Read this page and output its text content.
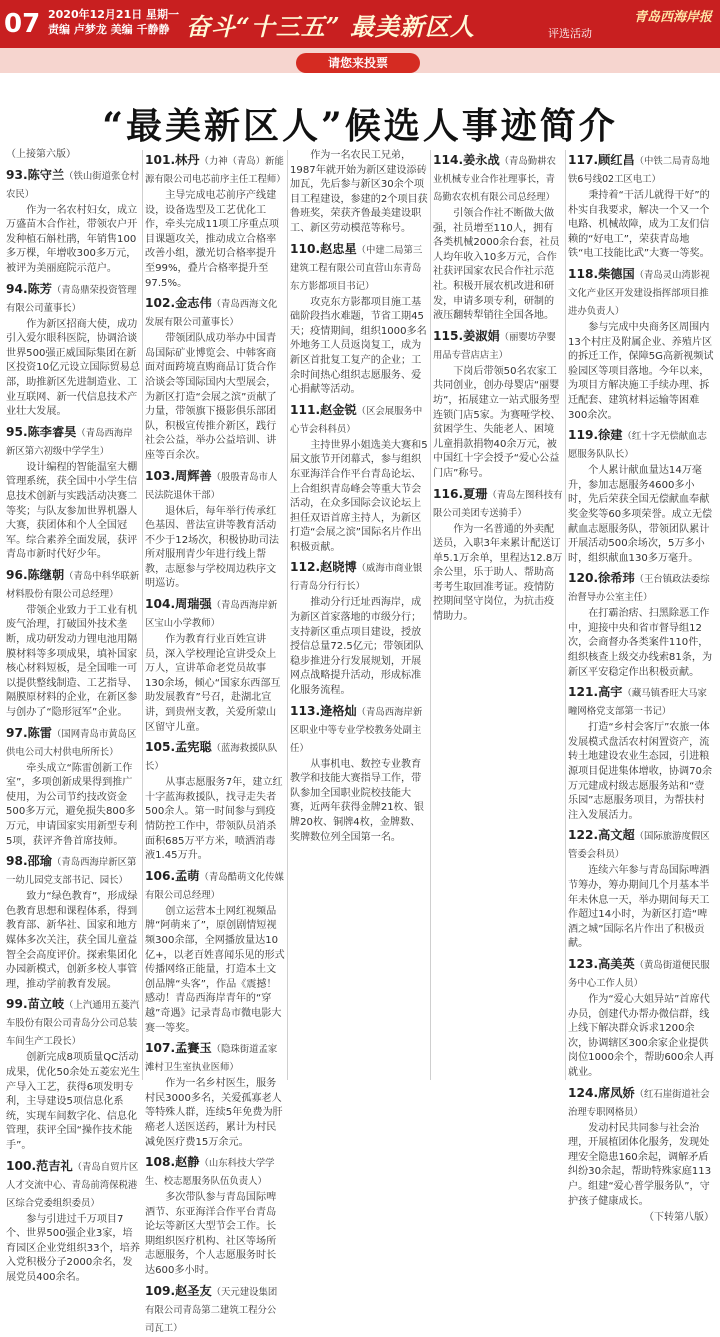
07 2020年12月21日 星期一
责编 卢梦龙 美编 千静静 奋斗“十三五” 最美新区人	评选活动
青岛西海岸报
请您来投票
“最美新区人”候选人事迹简介
（上接第六版）
93.陈守兰（铁山街道张仓村农民）

作为一名农村妇女，成立万盛苗木合作社，带领农户开发种植石斛杜鹃，年销售100多万棵，年增收300多万元，被评为美丽庭院示范户。

94.陈芳（青岛鼎荣投资管理有限公司董事长）

作为新区招商大使，成功引入爱尔眼科医院，协调洽谈世界500强正威国际集团在新区投资10亿元设立国际贸易总部，助推新区先进制造业、工业互联网、新一代信息技术产业壮大发展。

95.陈李睿昊（青岛西海岸新区第六初级中学学生）

设计编程的智能温室大棚管理系统，获全国中小学生信息技术创新与实践活动决赛二等奖；与队友参加世界机器人大赛，获团体和个人全国冠军。综合素养全面发展，获评青岛市新时代好少年。

96.陈继朝（青岛中科华联新材料股份有限公司总经理）

带领企业致力于工业有机废气治理，打破国外技术垄断，成功研发动力锂电池用隔膜材料等多项成果，填补国家核心材料短板，是全国唯一可以提供整线制造、工艺指导、隔膜原材料的企业，在新区参与创办了“隐形冠军”企业。

97.陈雷（国网青岛市黄岛区供电公司大村供电所所长）

牵头成立“陈雷创新工作室”，多项创新成果得到推广使用，为公司节约技改资金500多万元，避免损失800多万元，申请国家实用新型专利5项，获评齐鲁首席技师。

98.邵瑜（青岛西海岸新区第一幼儿园党支部书记、园长）

致力“绿色教育”，形成绿色教育思想和课程体系，得到教育部、新华社、国家和地方媒体多次关注，获全国儿童益智全会高度评价。探索集团化办园新模式，创新多校人事管理，推动学前教育发展。

99.苗立岐（上汽通用五菱汽车股份有限公司青岛分公司总装车间生产工段长）

创新完成8项质量QC活动成果，优化50余处五菱宏光生产导入工艺，获得6项发明专利，主导建设5项信息化系统，实现车间数字化、信息化管理，获评全国“操作技术能手”。

100.范吉礼（青岛自贸片区人才交流中心、青岛前湾保税港区综合党委组织委员）

参与引进过千万项目7个、世界500强企业3家，培育园区企业党组织33个，培养入党积极分子2000余名，发展党员400余名。

101.林丹（力神（青岛）新能源有限公司电芯前序主任工程师）

主导完成电芯前序产线建设，设备选型及工艺优化工作，牵头完成11项工序重点项目课题攻关，推动成立合格率改善小组，激光切合格率提升至99%，叠片合格率提升至97.5%。

102.金志伟（青岛西海文化发展有限公司董事长）

带领团队成功举办中国青岛国际矿业博览会、中韩客商面对面跨境直购商品订货合作洽谈会等国际国内大型展会，为新区打造“会展之滨”贡献了力量，带领旗下摄影俱乐部团队，积极宣传推介新区，践行社会公益，举办公益培训、讲座等百余次。

103.周辉善（殷殷青岛市人民法院退休干部）

退休后，每年举行传承红色基因、普法宣讲等教育活动不少于12场次，积极协助司法所对服刑青少年进行线上帮教，志愿参与学校周边秩序文明巡访。

104.周瑞强（青岛西海岸新区宝山小学教师）

作为教育行业百姓宣讲员，深入学校理论宣讲受众上万人，宣讲革命老党员故事130余场，倾心“国家东西部互助发展教育”号召，赴湖北宣讲，到贵州支教，关爱所蒙山区留守儿童。

105.孟宪聪（蓝海救援队队长）

从事志愿服务7年，建立红十字蓝海救援队，找寻走失者500余人。第一时间参与到疫情防控工作中，带领队员消杀面积685万平方米，喷洒消毒液1.45万升。

106.孟萌（青岛酷萌文化传媒有限公司总经理）

创立运营本土网红视频品牌“阿萌来了”，原创剧情短视频300余部，全网播放量达10亿+，以老百姓喜闻乐见的形式传播网络正能量，打造本土文创品牌“头客”，作品《震撼！感动！青岛西海岸青年的“穿越”奇遇》记录青岛市微电影大赛一等奖。

107.孟賽玉（隐珠街道孟家滩村卫生室执业医师）

作为一名乡村医生，服务村民3000多名，关爱孤寡老人等特殊人群，连续5年免费为肝癌老人送医送药，累计为村民减免医疗费15万余元。

108.赵静（山东科技大学学生、校志愿服务队伍负责人）

多次带队参与青岛国际啤酒节、东亚海洋合作平台青岛论坛等新区大型节会工作。长期组织医疗机构、社区等场所志愿服务，个人志愿服务时长达600多小时。

109.赵圣友（天元建设集团有限公司青岛第二建筑工程分公司瓦工）

作为一名农民工兄弟，1987年就开始为新区建设添砖加瓦，先后参与新区30余个项目工程建设，参建的2个项目获鲁班奖，荣获齐鲁最美建设职工、新区劳动模范等称号。

110.赵忠星（中建二局第三建筑工程有限公司直营山东青岛东方影都项目书记）

攻克东方影都项目施工基础阶段挡水难题，节省工期45天；疫情期间，组织1000多名外地务工人员返岗复工，成为新区首批复工复产的企业；工余时间热心组织志愿服务、爱心捐献等活动。

111.赵金锐（区会展服务中心节会科科员）

主持世界小姐选美大赛和5届文旅节开闭幕式，参与组织东亚海洋合作平台青岛论坛、上合组织青岛峰会等重大节会活动，在众多国际会议论坛上担任双语首席主持人，为新区打造“会展之滨”国际名片作出积极贡献。

112.赵晓博（威海市商业银行青岛分行行长）

推动分行迁址西海岸，成为新区首家落地的市级分行；支持新区重点项目建设，授放授信总量72.5亿元；带领团队稳步推进分行发展规划，开展网点战略提升活动，形成标准化服务流程。

113.逄格灿（青岛西海岸新区职业中等专业学校教务处副主任）

从事机电、数控专业教育教学和技能大赛指导工作，带队参加全国职业院校技能大赛，近两年获得金牌21枚、银牌20枚、铜牌4枚，金牌数、奖牌数位列全国第一名。

114.姜永战（青岛勤耕农业机械专业合作社理事长，青岛勤农农机有限公司总经理）

引领合作社不断做大做强，社员增至110人，拥有各类机械2000余台套，社员人均年收入10多万元，合作社获评国家农民合作社示范社。积极开展农机改进和研发，申请多项专利，研制的液压翻转犁销往全国各地。

115.姜淑娟（丽婴坊孕婴用品专营店店主）

下岗后带领50名农家工共同创业，创办母婴店“丽婴坊”，拓展建立一站式服务型连锁门店5家。为赛哑学校、贫困学生、失能老人、困境儿童捐款捐物40余万元，被中国红十字会授予“爱心公益门店”称号。

116.夏珊（青岛左图科技有限公司美团专送骑手）

作为一名普通的外卖配送员，入职3年来累计配送订单5.1万余单，里程达12.8万余公里，乐于助人、帮助高考考生取回准考证。疫情防控期间坚守岗位，为抗击疫情助力。

117.顾红昌（中铁二局青岛地铁6号线02工区电工）

秉持着“干活儿就得干好”的朴实自我要求，解决一个又一个电路、机械故障，成为工友们信赖的“好电工”，荣获青岛地铁“电工技能比武”大赛一等奖。

118.柴德国（青岛灵山湾影视文化产业区开发建设指挥部项目推进办负责人）

参与完成中央商务区周围内13个村庄及附属企业、养殖片区的拆迁工作，保障5G高新视频试验园区等项目落地。今年以来，为项目方解决施工手续办理、拆迁配套、建筑材料运输等困难300余次。

119.徐建（红十字无偿献血志愿服务队队长）

个人累计献血量达14万毫升，参加志愿服务4600多小时，先后荣获全国无偿献血奉献奖金奖等60多项荣誉。成立无偿献血志愿服务队，带领团队累计开展活动500余场次，5万多小时，组织献血130多万毫升。

120.徐希玮（王台镇政法委综治督导办公室主任）

在打霸治痞、扫黑除恶工作中，迎接中央和省市督导组12次，会商督办各类案件110件，组织核查上级交办线索81条，为新区平安稳定作出积极贡献。

121.高宇（藏马镇香旺大马家疃网格党支部第一书记）

打造“乡村会客厅”农旅一体发展模式盘活农村闲置资产，流转土地建设农业生态园，引进粮源项目促进集体增收，协调70余万元建成村级志愿服务站和“壹乐园”志愿服务项目，为帮扶村注入发展活力。

122.高文超（国际旅游度假区管委会科员）

连续六年参与青岛国际啤酒节筹办，筹办期间几个月基本半年未休息一天，举办期间每天工作超过14小时，为新区打造“啤酒之城”国际名片作出了积极贡献。

123.高美英（黄岛街道便民服务中心工作人员）

作为“爱心大姐异站”首席代办员，创建代办帮办微信群，线上线下解决群众诉求1200余次，协调辖区300余家企业提供岗位1000余个，帮助600余人再就业。

124.席凤娇（红石崖街道社会治理专职网格员）

发动村民共同参与社会治理，开展植团体化服务，发现处理安全隐患160余起，调解矛盾纠纷30余起，帮助特殊家庭113户。组建“爱心普学服务队”，守护孩子健康成长。

（下转第八版）
